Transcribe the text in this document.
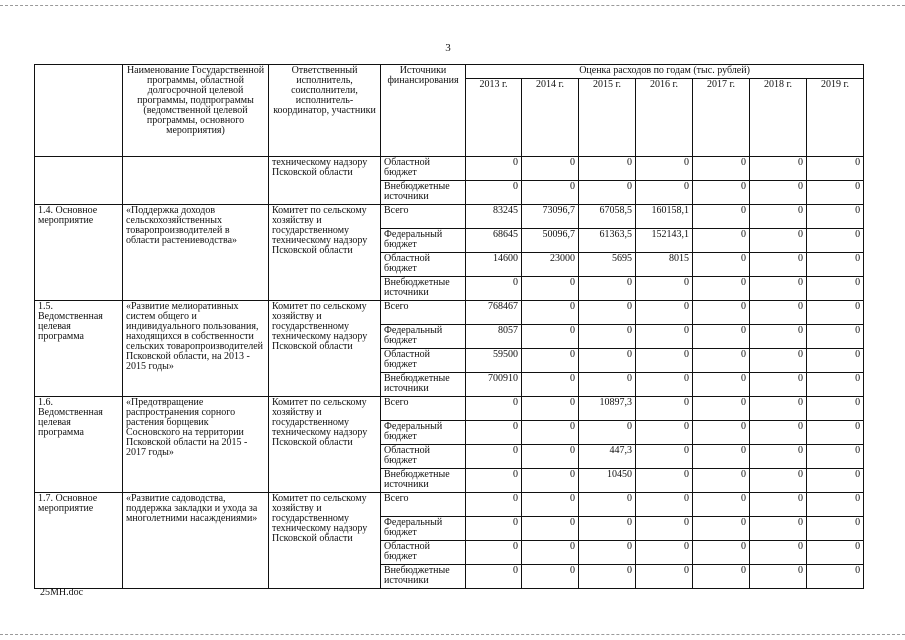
3
	Наименование Государственной программы, областной долгосрочной целевой программы, подпрограммы (ведомственной целевой программы, основного мероприятия)	Ответственный исполнитель, соисполнители, исполнитель-координатор, участники	Источники финансирования	Оценка расходов по годам (тыс. рублей)						
				2013 г.	2014 г.	2015 г.	2016 г.	2017 г.	2018 г.	2019 г.
		техническому надзору Псковской области	Областной бюджет	0	0	0	0	0	0	0
			Внебюджетные источники	0	0	0	0	0	0	0
1.4. Основное мероприятие	«Поддержка доходов сельскохозяйственных товаропроизводителей в области растениеводства»	Комитет по сельскому хозяйству и государственному техническому надзору Псковской области	Всего	83245	73096,7	67058,5	160158,1	0	0	0
			Федеральный бюджет	68645	50096,7	61363,5	152143,1	0	0	0
			Областной бюджет	14600	23000	5695	8015	0	0	0
			Внебюджетные источники	0	0	0	0	0	0	0
1.5. Ведомственная целевая программа	«Развитие мелиоративных систем общего и индивидуального пользования, находящихся в собственности сельских товаропроизводителей Псковской области, на 2013 - 2015 годы»	Комитет по сельскому хозяйству и государственному техническому надзору Псковской области	Всего	768467	0	0	0	0	0	0
			Федеральный бюджет	8057	0	0	0	0	0	0
			Областной бюджет	59500	0	0	0	0	0	0
			Внебюджетные источники	700910	0	0	0	0	0	0
1.6. Ведомственная целевая программа	«Предотвращение распространения сорного растения борщевик Сосновского на территории Псковской области на 2015 - 2017 годы»	Комитет по сельскому хозяйству и государственному техническому надзору Псковской области	Всего	0	0	10897,3	0	0	0	0
			Федеральный бюджет	0	0	0	0	0	0	0
			Областной бюджет	0	0	447,3	0	0	0	0
			Внебюджетные источники	0	0	10450	0	0	0	0
1.7. Основное мероприятие	«Развитие садоводства, поддержка закладки и ухода за многолетними насаждениями»	Комитет по сельскому хозяйству и государственному техническому надзору Псковской области	Всего	0	0	0	0	0	0	0
			Федеральный бюджет	0	0	0	0	0	0	0
			Областной бюджет	0	0	0	0	0	0	0
			Внебюджетные источники	0	0	0	0	0	0	0
25MH.doc
